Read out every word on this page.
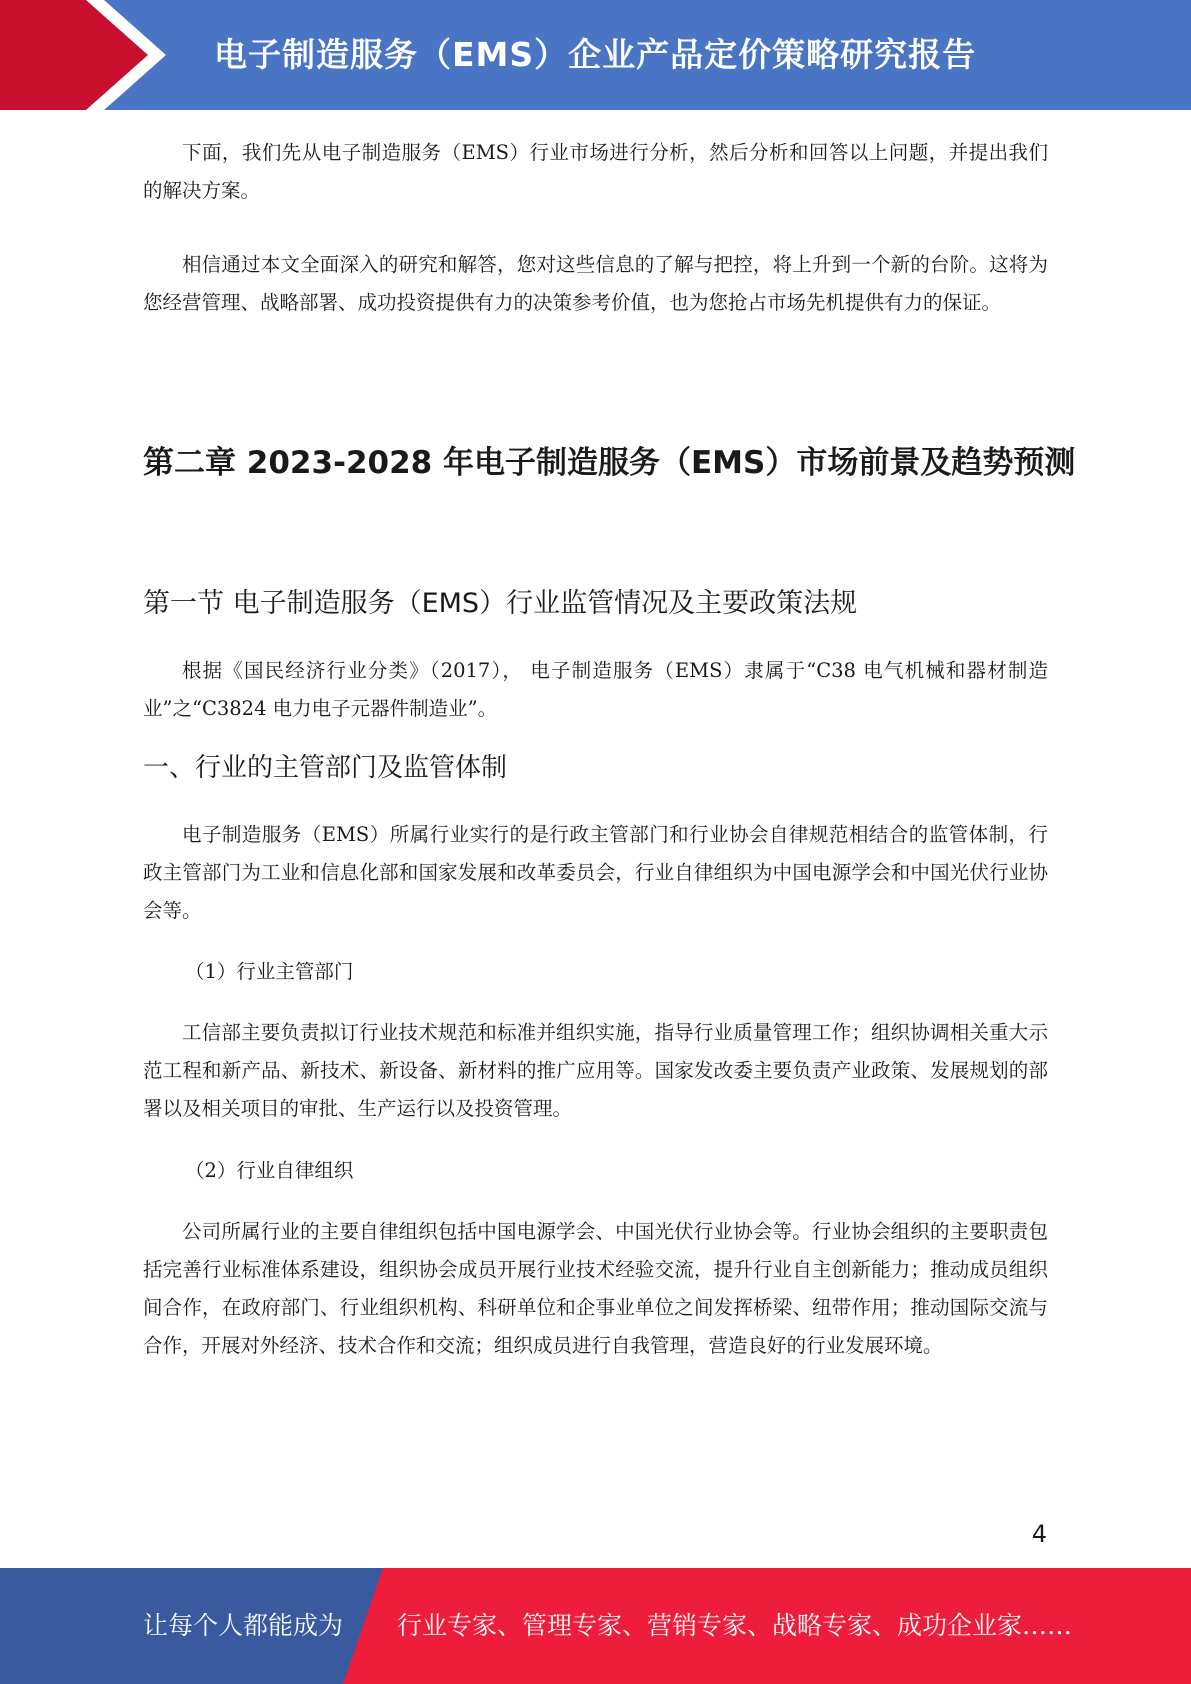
电子制造服务（EMS）企业产品定价策略研究报告
下面，我们先从电子制造服务（EMS）行业市场进行分析，然后分析和回答以上问题，并提出我们的解决方案。
相信通过本文全面深入的研究和解答，您对这些信息的了解与把控，将上升到一个新的台阶。这将为您经营管理、战略部署、成功投资提供有力的决策参考价值，也为您抢占市场先机提供有力的保证。
第二章 2023-2028 年电子制造服务（EMS）市场前景及趋势预测
第一节 电子制造服务（EMS）行业监管情况及主要政策法规
根据《国民经济行业分类》（2017）， 电子制造服务（EMS）隶属于“C38 电气机械和器材制造业”之“C3824 电力电子元器件制造业”。
一、行业的主管部门及监管体制
电子制造服务（EMS）所属行业实行的是行政主管部门和行业协会自律规范相结合的监管体制，行政主管部门为工业和信息化部和国家发展和改革委员会，行业自律组织为中国电源学会和中国光伏行业协会等。
（1）行业主管部门
工信部主要负责拟订行业技术规范和标准并组织实施，指导行业质量管理工作；组织协调相关重大示范工程和新产品、新技术、新设备、新材料的推广应用等。国家发改委主要负责产业政策、发展规划的部署以及相关项目的审批、生产运行以及投资管理。
（2）行业自律组织
公司所属行业的主要自律组织包括中国电源学会、中国光伏行业协会等。行业协会组织的主要职责包括完善行业标准体系建设，组织协会成员开展行业技术经验交流，提升行业自主创新能力；推动成员组织间合作，在政府部门、行业组织机构、科研单位和企事业单位之间发挥桥梁、纽带作用；推动国际交流与合作，开展对外经济、技术合作和交流；组织成员进行自我管理，营造良好的行业发展环境。
4
让每个人都能成为 行业专家、管理专家、营销专家、战略专家、成功企业家……
